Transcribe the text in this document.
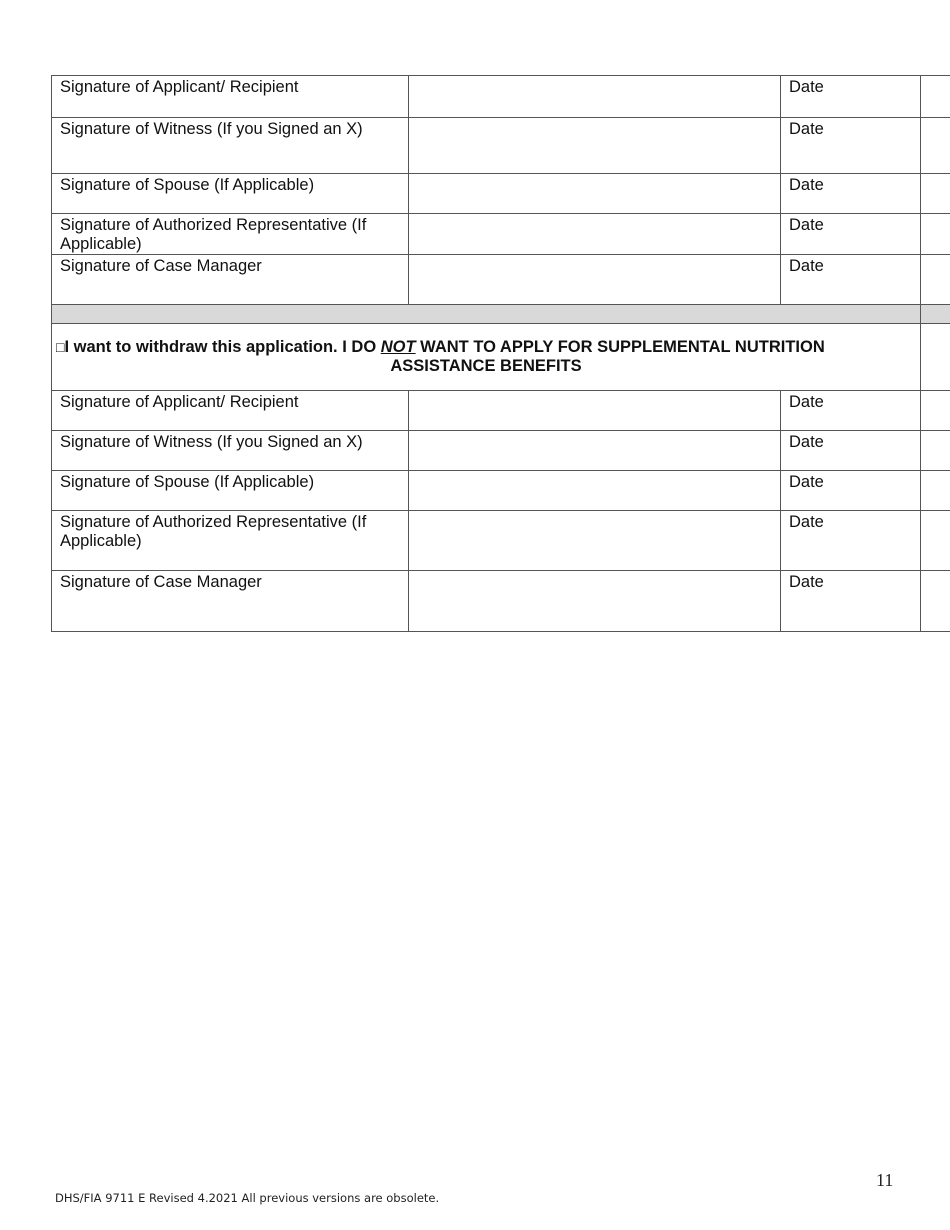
Signature of Applicant/ Recipient		Date	
Signature of Witness (If you Signed an X)		Date	
Signature of Spouse (If Applicable)		Date	
Signature of Authorized Representative (If Applicable)		Date	
Signature of Case Manager		Date	

□I want to withdraw this application. I DO NOT WANT TO APPLY FOR SUPPLEMENTAL NUTRITION
ASSISTANCE BENEFITS			

Signature of Applicant/ Recipient		Date	
Signature of Witness (If you Signed an X)		Date	
Signature of Spouse (If Applicable)		Date	
Signature of Authorized Representative (If Applicable)		Date	
Signature of Case Manager		Date	
11
DHS/FIA 9711 E Revised 4.2021 All previous versions are obsolete.
